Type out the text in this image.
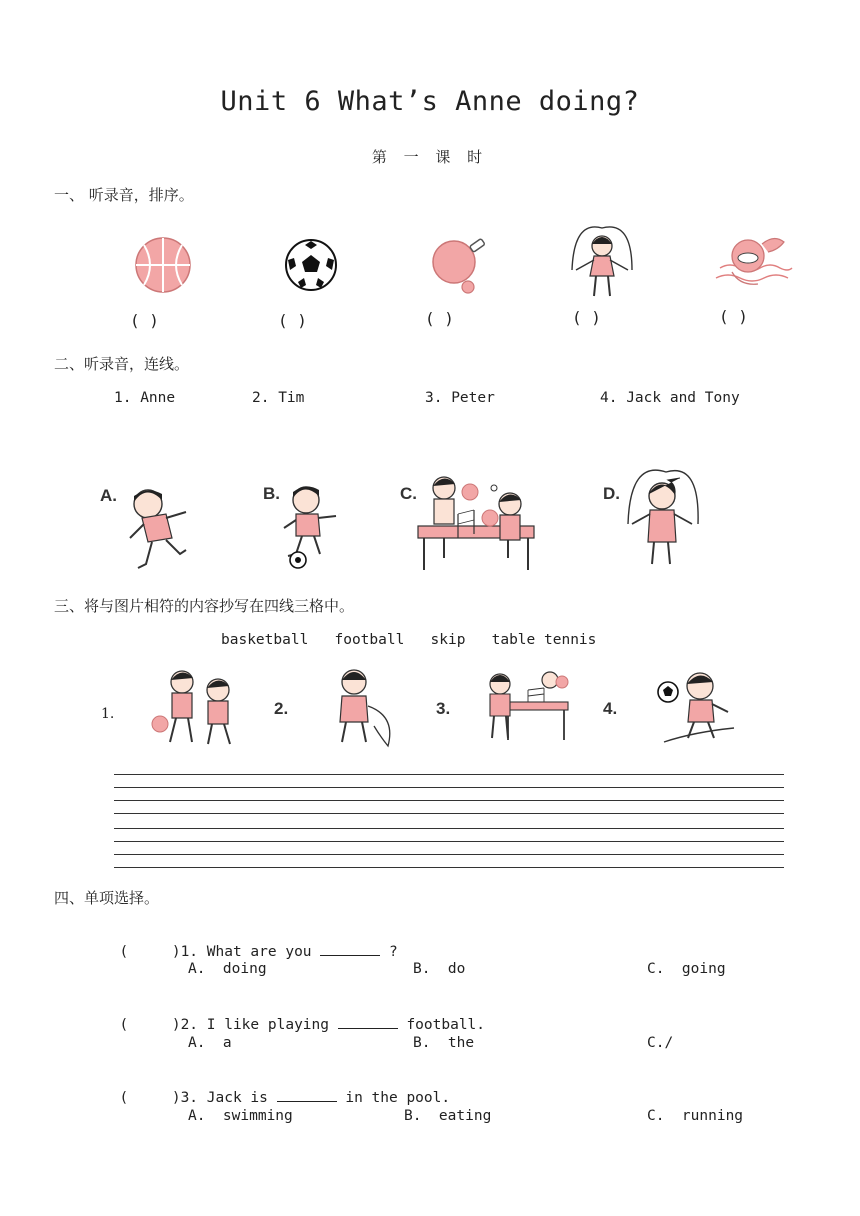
Unit 6 What’s Anne doing?
第 一 课 时
一、 听录音，排序。
( )	( )	( )	( )	( )
二、听录音，连线。
1. Anne	2. Tim	3. Peter	4. Jack and Tony
A.	B.	C.	D.
三、将与图片相符的内容抄写在四线三格中。
basketball   football   skip   table tennis
1.	2.	3.	4.
四、单项选择。

(     )1. What are you	?

A.  doing	B.  do	C.  going

(     )2. I like playing	football.

A.  a	B.  the	C./

(     )3. Jack is	in the pool.

A.  swimming	B.  eating	C.  running
